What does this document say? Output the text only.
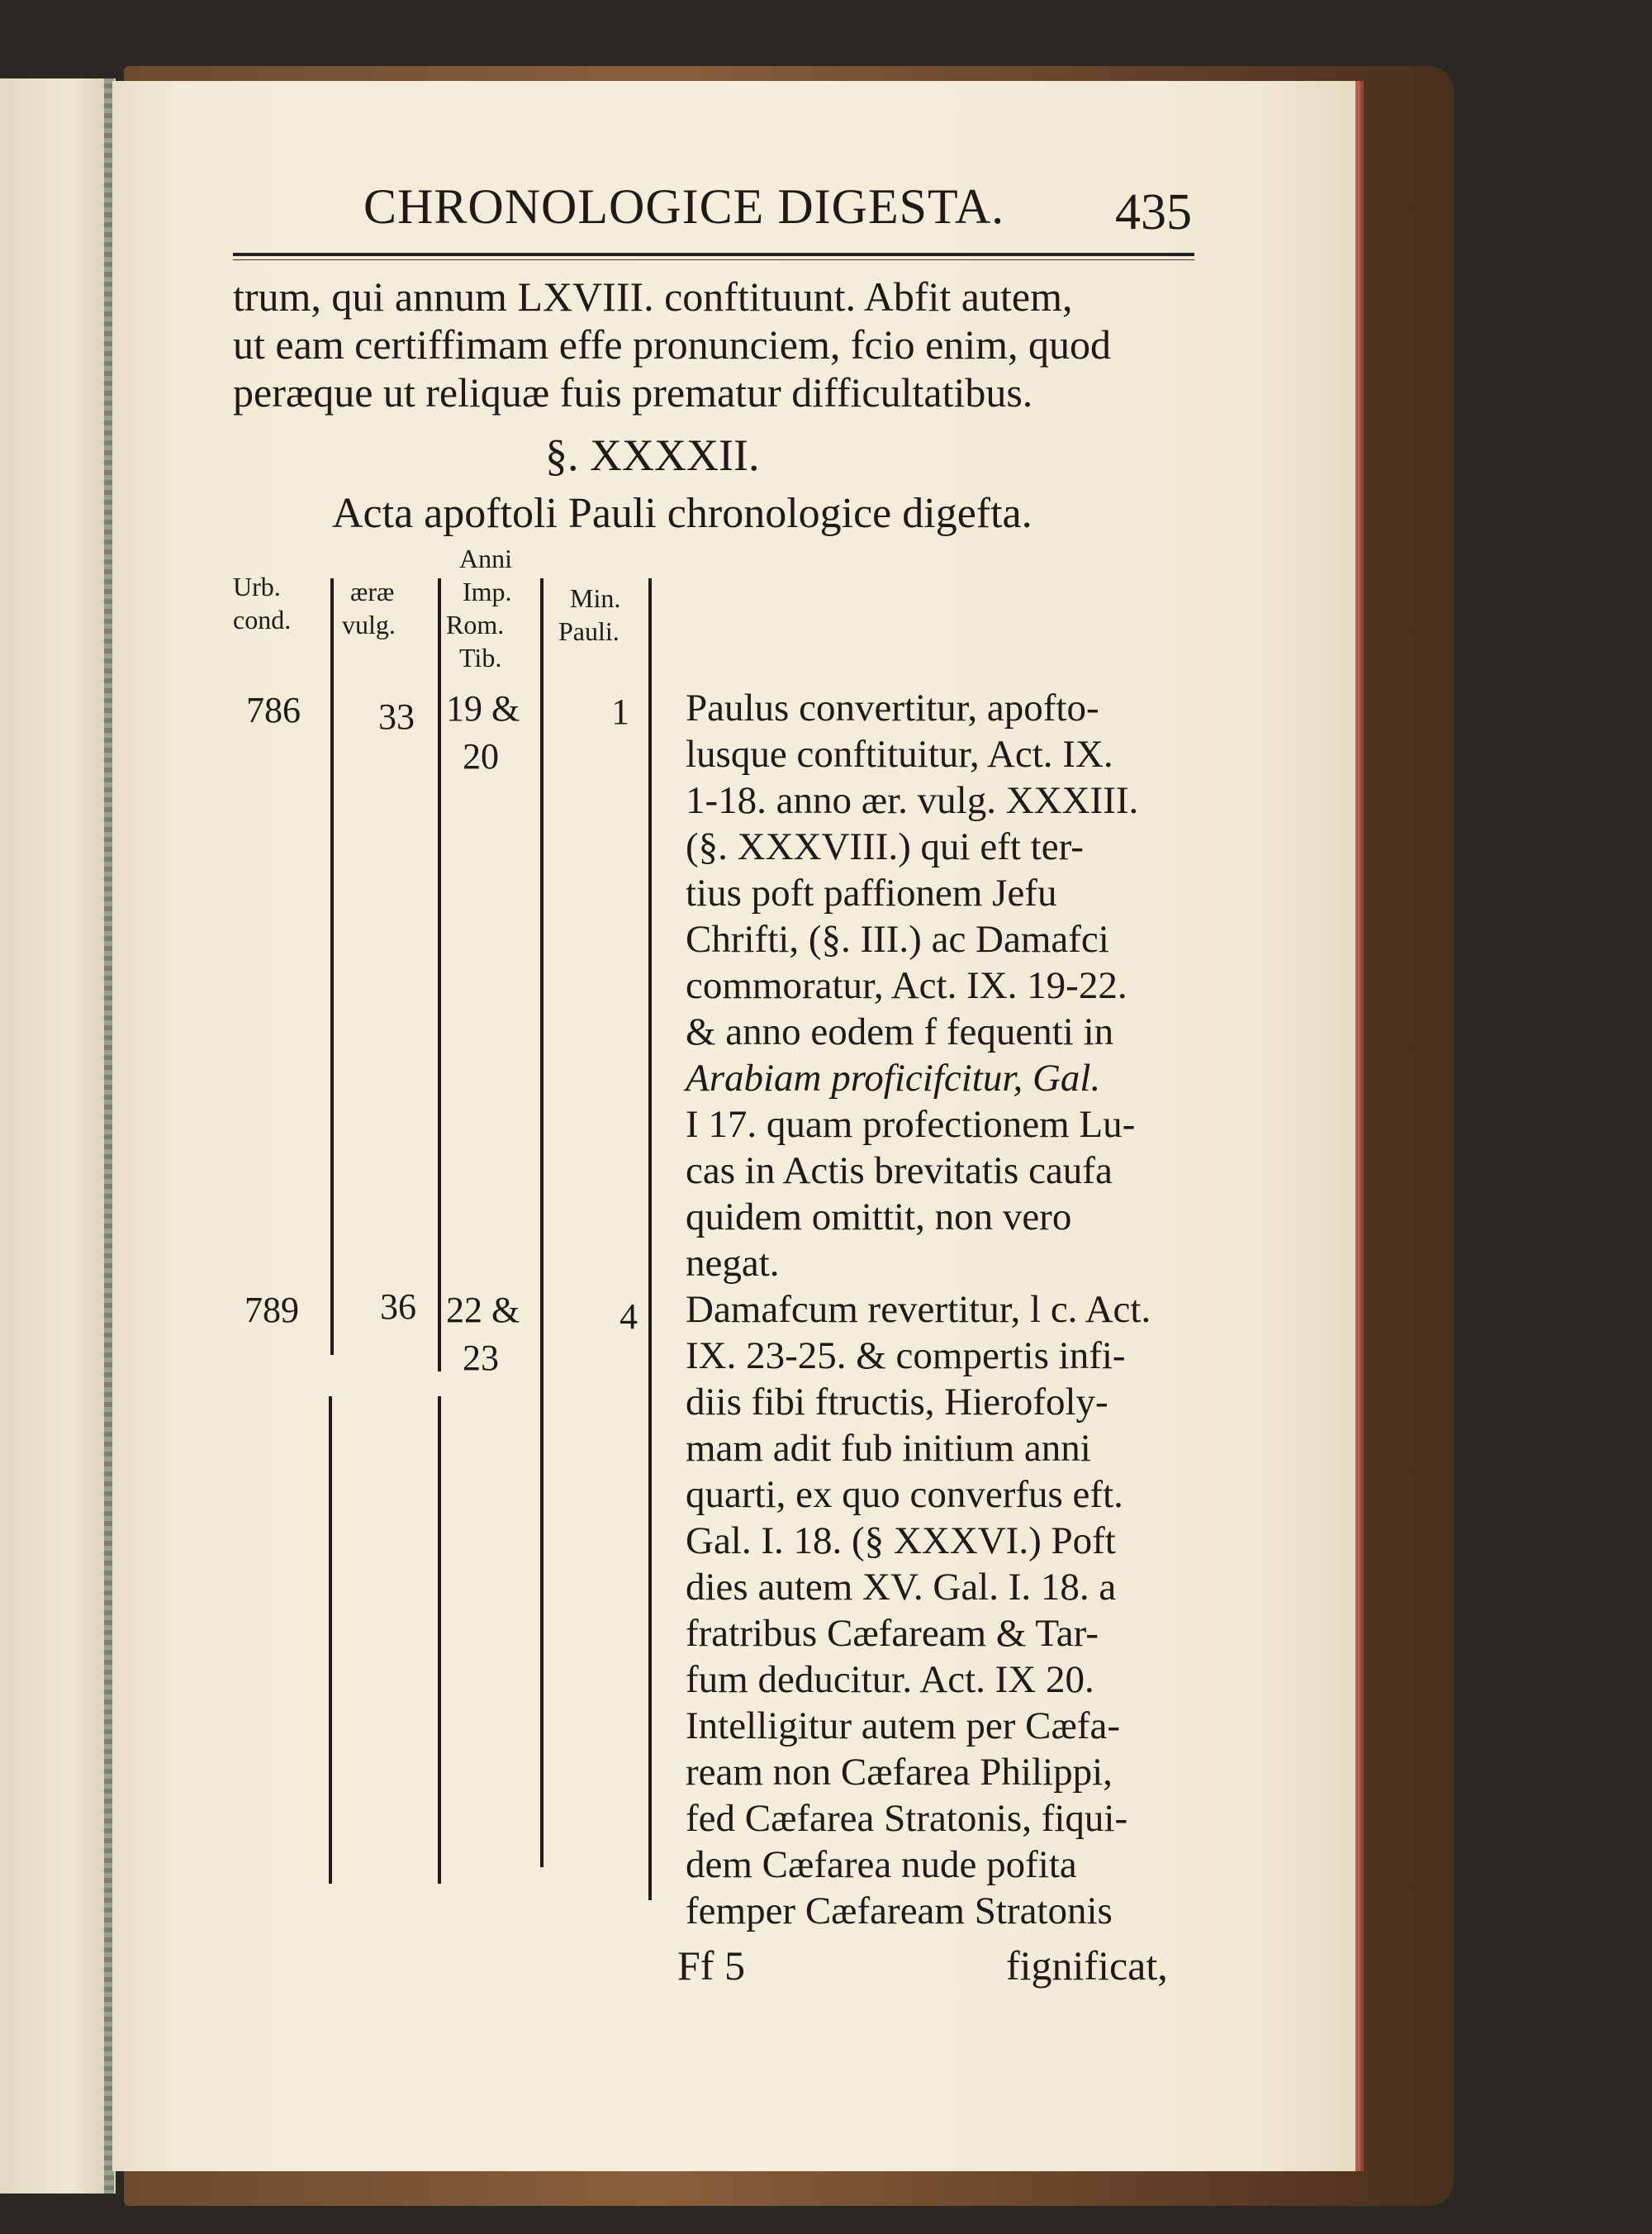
CHRONOLOGICE DIGESTA. 435
trum, qui annum LXVIII. conftituunt. Abfit autem,
ut eam certiffimam effe pronunciem, fcio enim, quod
peræque ut reliquæ fuis prematur difficultatibus.
§. XXXXII.
Acta apoftoli Pauli chronologice digefta.
Urb.
cond.
æræ
vulg.
Anni
Imp.
Rom.
Tib.
Min.
Pauli.
786 33 19 &
20
1
789 36 22 &
23
4
Paulus convertitur, apofto-
lusque conftituitur, Act. IX.
1-18. anno ær. vulg. XXXIII.
(§. XXXVIII.) qui eft ter-
tius poft paffionem Jefu
Chrifti, (§. III.) ac Damafci
commoratur, Act. IX. 19-22.
& anno eodem f fequenti in
Arabiam proficifcitur, Gal.
I 17. quam profectionem Lu-
cas in Actis brevitatis caufa
quidem omittit, non vero
negat.
Damafcum revertitur, l c. Act.
IX. 23-25. & compertis infi-
diis fibi ftructis, Hierofoly-
mam adit fub initium anni
quarti, ex quo converfus eft.
Gal. I. 18. (§ XXXVI.) Poft
dies autem XV. Gal. I. 18. a
fratribus Cæfaream & Tar-
fum deducitur. Act. IX 20.
Intelligitur autem per Cæfa-
ream non Cæfarea Philippi,
fed Cæfarea Stratonis, fiqui-
dem Cæfarea nude pofita
femper Cæfaream Stratonis
Ff 5	fignificat,
